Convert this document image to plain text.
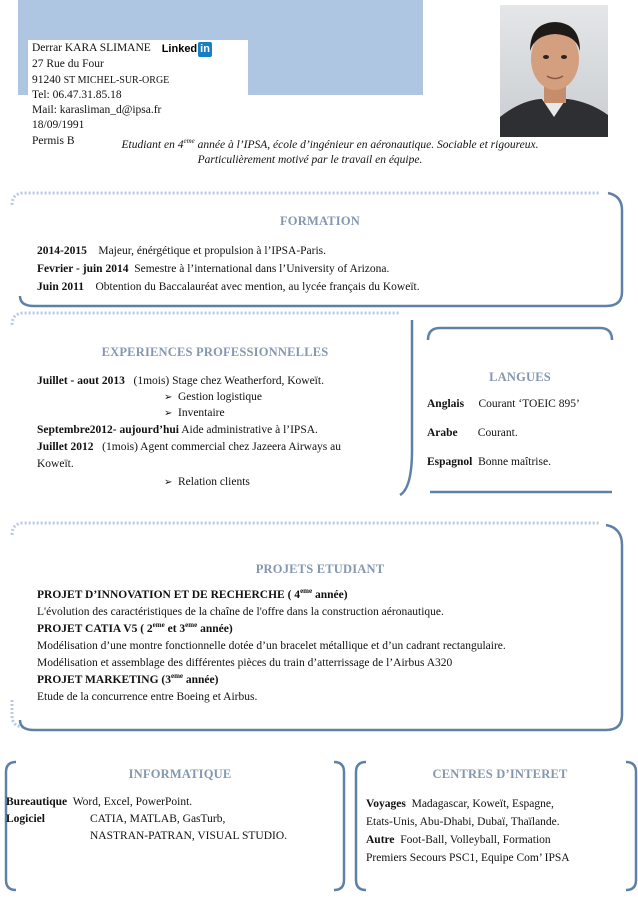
Derrar KARA SLIMANE Linked in
27 Rue du Four
91240 ST MICHEL-SUR-ORGE
Tel: 06.47.31.85.18
Mail: karasliman_d@ipsa.fr
18/09/1991
Permis B	Etudiant en 4eme année à l’IPSA, école d’ingénieur en aéronautique. Sociable et rigoureux.
Particulièrement motivé par le travail en équipe.
FORMATION
2014-2015 Majeur, énérgétique et propulsion à l’IPSA-Paris.
Fevrier - juin 2014 Semestre à l’international dans l’University of Arizona.
Juin 2011 Obtention du Baccalauréat avec mention, au lycée français du Koweït.
EXPERIENCES PROFESSIONNELLES
Juillet - aout 2013 (1mois) Stage chez Weatherford, Koweït.
➢ Gestion logistique
➢ Inventaire
Septembre2012- aujourd’hui Aide administrative à l’IPSA.
Juillet 2012 (1mois) Agent commercial chez Jazeera Airways au
Koweït.
➢ Relation clients
LANGUES
Anglais Courant ‘TOEIC 895’
Arabe Courant.
Espagnol Bonne maîtrise.
PROJETS ETUDIANT
PROJET D’INNOVATION ET DE RECHERCHE ( 4eme année)
L'évolution des caractéristiques de la chaîne de l'offre dans la construction aéronautique.
PROJET CATIA V5 ( 2eme et 3eme année)
Modélisation d’une montre fonctionnelle dotée d’un bracelet métallique et d’un cadrant rectangulaire.
Modélisation et assemblage des différentes pièces du train d’atterrissage de l’Airbus A320
PROJET MARKETING (3eme année)
Etude de la concurrence entre Boeing et Airbus.
INFORMATIQUE
Bureautique Word, Excel, PowerPoint.
Logiciel	CATIA, MATLAB, GasTurb,
NASTRAN-PATRAN, VISUAL STUDIO.
CENTRES D’INTERET
Voyages Madagascar, Koweït, Espagne,
Etats-Unis, Abu-Dhabi, Dubaï, Thaïlande.
Autre Foot-Ball, Volleyball, Formation
Premiers Secours PSC1, Equipe Com’ IPSA
